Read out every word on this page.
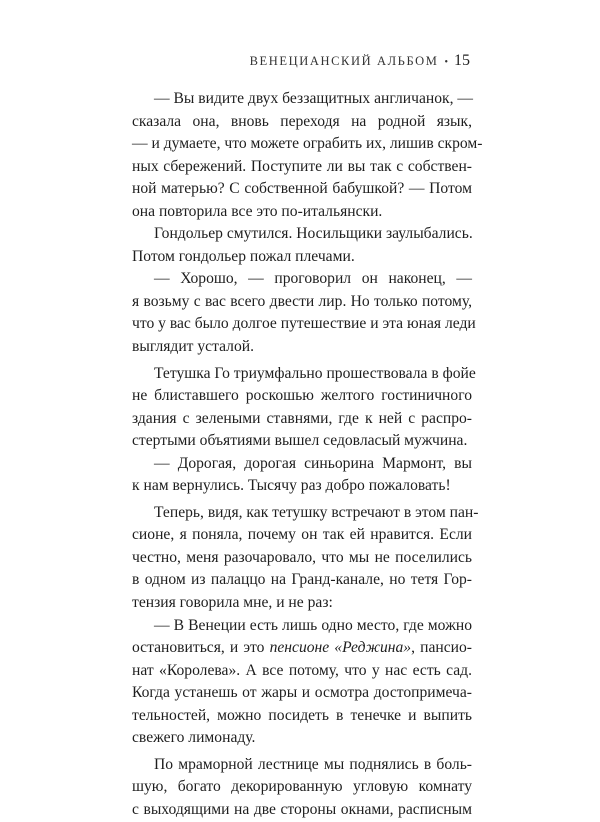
ВЕНЕЦИАНСКИЙ АЛЬБОМ • 15
— Вы видите двух беззащитных англичанок, —
сказала она, вновь переходя на родной язык,
— и думаете, что можете ограбить их, лишив скром-
ных сбережений. Поступите ли вы так с собствен-
ной матерью? С собственной бабушкой? — Потом
она повторила все это по-итальянски.
Гондольер смутился. Носильщики заулыбались.
Потом гондольер пожал плечами.
— Хорошо, — проговорил он наконец, —
я возьму с вас всего двести лир. Но только потому,
что у вас было долгое путешествие и эта юная леди
выглядит усталой.
Тетушка Го триумфально прошествовала в фойе
не блиставшего роскошью желтого гостиничного
здания с зелеными ставнями, где к ней с распро-
стертыми объятиями вышел седовласый мужчина.
— Дорогая, дорогая синьорина Мармонт, вы
к нам вернулись. Тысячу раз добро пожаловать!
Теперь, видя, как тетушку встречают в этом пан-
сионе, я поняла, почему он так ей нравится. Если
честно, меня разочаровало, что мы не поселились
в одном из палаццо на Гранд-канале, но тетя Гор-
тензия говорила мне, и не раз:
— В Венеции есть лишь одно место, где можно
остановиться, и это пенсионе «Реджина», пансио-
нат «Королева». А все потому, что у нас есть сад.
Когда устанешь от жары и осмотра достопримеча-
тельностей, можно посидеть в тенечке и выпить
свежего лимонаду.
По мраморной лестнице мы поднялись в боль-
шую, богато декорированную угловую комнату
с выходящими на две стороны окнами, расписным
